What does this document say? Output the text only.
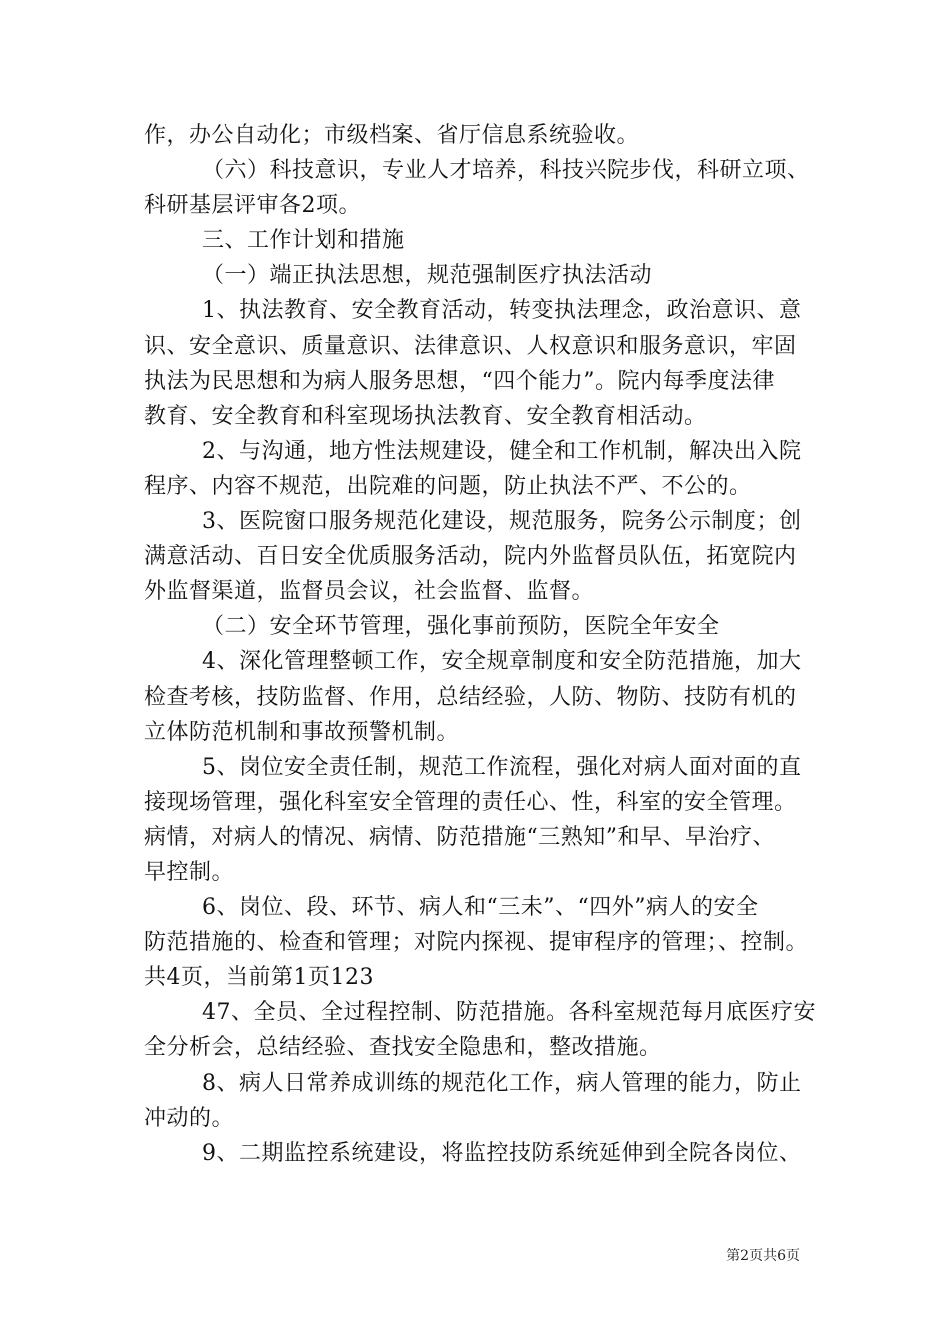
作，办公自动化；市级档案、省厅信息系统验收。
（六）科技意识，专业人才培养，科技兴院步伐，科研立项、
科研基层评审各2项。
三、工作计划和措施
（一）端正执法思想，规范强制医疗执法活动
1、执法教育、安全教育活动，转变执法理念，政治意识、意
识、安全意识、质量意识、法律意识、人权意识和服务意识，牢固
执法为民思想和为病人服务思想，“四个能力”。院内每季度法律
教育、安全教育和科室现场执法教育、安全教育相活动。
2、与沟通，地方性法规建设，健全和工作机制，解决出入院
程序、内容不规范，出院难的问题，防止执法不严、不公的。
3、医院窗口服务规范化建设，规范服务，院务公示制度；创
满意活动、百日安全优质服务活动，院内外监督员队伍，拓宽院内
外监督渠道，监督员会议，社会监督、监督。
（二）安全环节管理，强化事前预防，医院全年安全
4、深化管理整顿工作，安全规章制度和安全防范措施，加大
检查考核，技防监督、作用，总结经验，人防、物防、技防有机的
立体防范机制和事故预警机制。
5、岗位安全责任制，规范工作流程，强化对病人面对面的直
接现场管理，强化科室安全管理的责任心、性，科室的安全管理。
病情，对病人的情况、病情、防范措施“三熟知”和早、早治疗、
早控制。
6、岗位、段、环节、病人和“三未”、“四外”病人的安全
防范措施的、检查和管理；对院内探视、提审程序的管理；、控制。
共4页，当前第1页123
47、全员、全过程控制、防范措施。各科室规范每月底医疗安
全分析会，总结经验、查找安全隐患和，整改措施。
8、病人日常养成训练的规范化工作，病人管理的能力，防止
冲动的。
9、二期监控系统建设，将监控技防系统延伸到全院各岗位、
第2页共6页
